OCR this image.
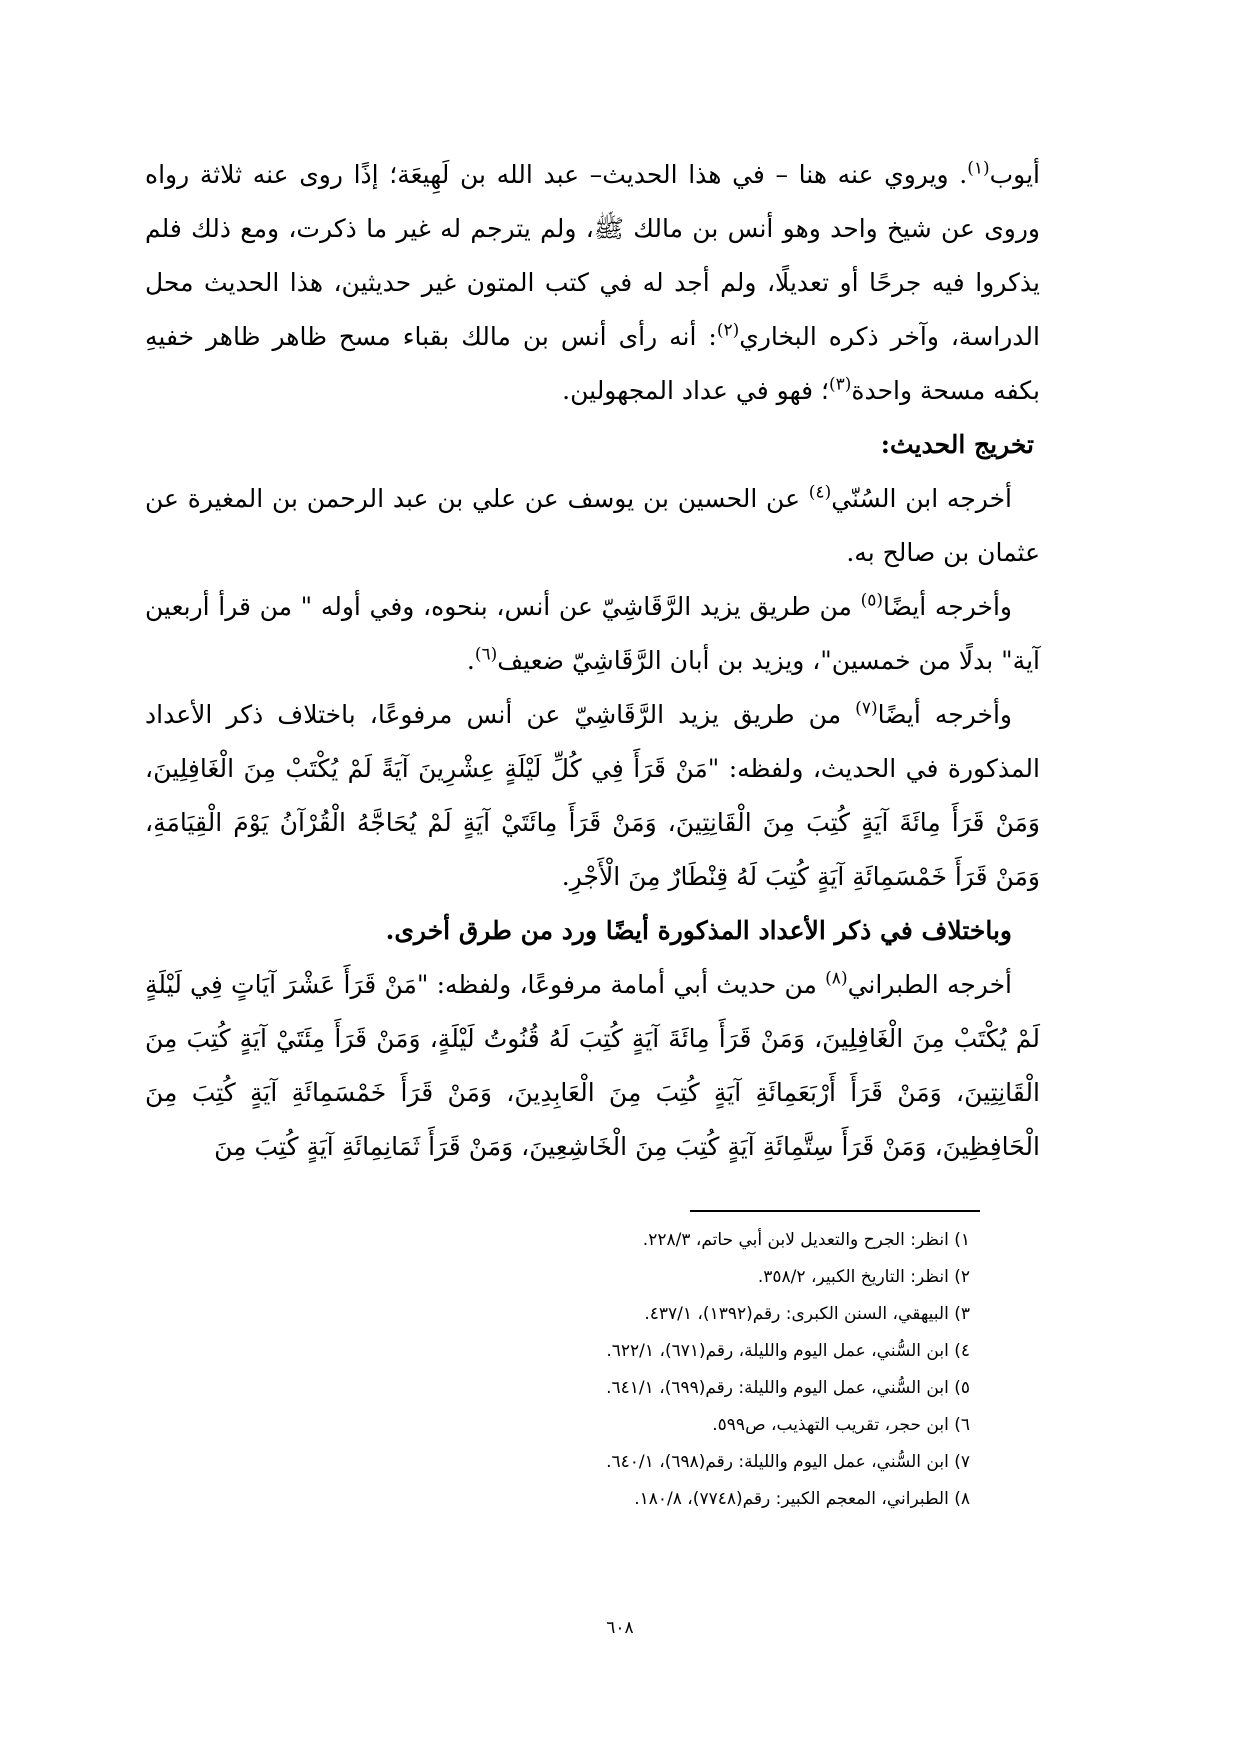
أيوب$^{(١)}$. ويروي عنه هنا – في هذا الحديث– عبد الله بن لَهِيعَة؛ إذًا روى عنه ثلاثة رواه وروى عن شيخ واحد وهو أنس بن مالك ﷺ، ولم يترجم له غير ما ذكرت، ومع ذلك فلم يذكروا فيه جرحًا أو تعديلًا، ولم أجد له في كتب المتون غير حديثين، هذا الحديث محل الدراسة، وآخر ذكره البخاري$^{(٢)}$: أنه رأى أنس بن مالك بقباء مسح ظاهر ظاهر خفيهِ بكفه مسحة واحدة$^{(٣)}$؛ فهو في عداد المجهولين.

تخريج الحديث:

أخرجه ابن السُنّي$^{(٤)}$ عن الحسين بن يوسف عن علي بن عبد الرحمن بن المغيرة عن عثمان بن صالح به.

وأخرجه أيضًا$^{(٥)}$ من طريق يزيد الرَّقَاشِيّ عن أنس، بنحوه، وفي أوله " من قرأ أربعين آية" بدلًا من خمسين"، ويزيد بن أبان الرَّقَاشِيّ ضعيف$^{(٦)}$.

وأخرجه أيضًا$^{(٧)}$ من طريق يزيد الرَّقَاشِيّ عن أنس مرفوعًا، باختلاف ذكر الأعداد المذكورة في الحديث، ولفظه: "مَنْ قَرَأَ فِي كُلِّ لَيْلَةٍ عِشْرِينَ آيَةً لَمْ يُكْتَبْ مِنَ الْغَافِلِينَ، وَمَنْ قَرَأَ مِائَةَ آيَةٍ كُتِبَ مِنَ الْقَانِتِينَ، وَمَنْ قَرَأَ مِائَتَيْ آيَةٍ لَمْ يُحَاجَّهُ الْقُرْآنُ يَوْمَ الْقِيَامَةِ، وَمَنْ قَرَأَ خَمْسَمِائَةِ آيَةٍ كُتِبَ لَهُ قِنْطَارٌ مِنَ الْأَجْرِ.

وباختلاف في ذكر الأعداد المذكورة أيضًا ورد من طرق أخرى.

أخرجه الطبراني$^{(٨)}$ من حديث أبي أمامة مرفوعًا، ولفظه: "مَنْ قَرَأَ عَشْرَ آيَاتٍ فِي لَيْلَةٍ لَمْ يُكْتَبْ مِنَ الْغَافِلِينَ، وَمَنْ قَرَأَ مِائَةَ آيَةٍ كُتِبَ لَهُ قُنُوتُ لَيْلَةٍ، وَمَنْ قَرَأَ مِئَتَيْ آيَةٍ كُتِبَ مِنَ الْقَانِتِينَ، وَمَنْ قَرَأَ أَرْبَعَمِائَةِ آيَةٍ كُتِبَ مِنَ الْعَابِدِينَ، وَمَنْ قَرَأَ خَمْسَمِائَةِ آيَةٍ كُتِبَ مِنَ الْحَافِظِينَ، وَمَنْ قَرَأَ سِتَّمِائَةِ آيَةٍ كُتِبَ مِنَ الْخَاشِعِينَ، وَمَنْ قَرَأَ ثَمَانِمِائَةِ آيَةٍ كُتِبَ مِنَ

١) انظر: الجرح والتعديل لابن أبي حاتم، ٢٢٨/٣.

٢) انظر: التاريخ الكبير، ٣٥٨/٢.

٣) البيهقي، السنن الكبرى: رقم(١٣٩٢)، ٤٣٧/١.

٤) ابن السُّني، عمل اليوم والليلة، رقم(٦٧١)، ٦٢٢/١.

٥) ابن السُّني، عمل اليوم والليلة: رقم(٦٩٩)، ٦٤١/١.

٦) ابن حجر، تقريب التهذيب، ص٥٩٩.

٧) ابن السُّني، عمل اليوم والليلة: رقم(٦٩٨)، ٦٤٠/١.

٨) الطبراني، المعجم الكبير: رقم(٧٧٤٨)، ١٨٠/٨.

٦٠٨
